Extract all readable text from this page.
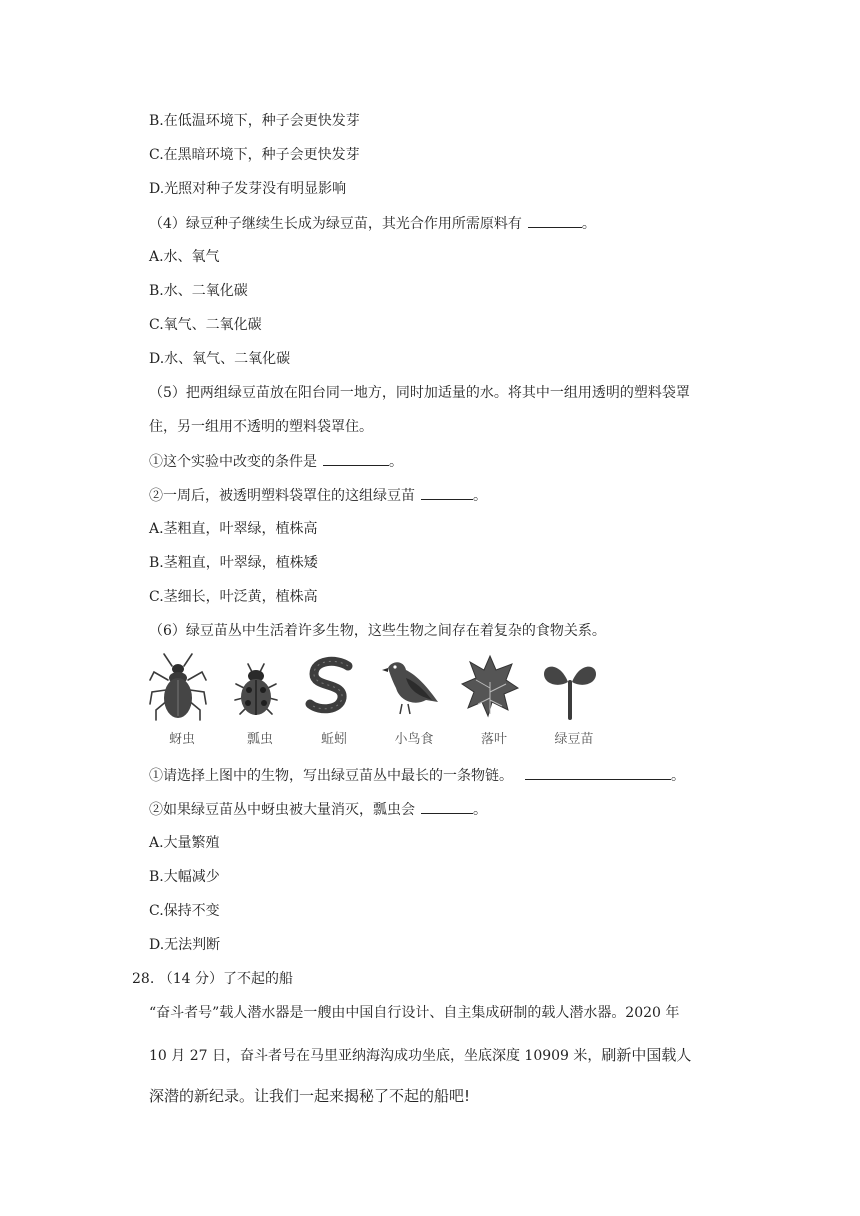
B.在低温环境下，种子会更快发芽
C.在黑暗环境下，种子会更快发芽
D.光照对种子发芽没有明显影响
（4）绿豆种子继续生长成为绿豆苗，其光合作用所需原料有	。
A.水、氧气
B.水、二氧化碳
C.氧气、二氧化碳
D.水、氧气、二氧化碳
（5）把两组绿豆苗放在阳台同一地方，同时加适量的水。将其中一组用透明的塑料袋罩
住，另一组用不透明的塑料袋罩住。
①这个实验中改变的条件是	。
②一周后，被透明塑料袋罩住的这组绿豆苗	。
A.茎粗直，叶翠绿，植株高
B.茎粗直，叶翠绿，植株矮
C.茎细长，叶泛黄，植株高
（6）绿豆苗丛中生活着许多生物，这些生物之间存在着复杂的食物关系。
蚜虫	瓢虫	蚯蚓	小鸟食	落叶	绿豆苗
①请选择上图中的生物，写出绿豆苗丛中最长的一条物链。	。
②如果绿豆苗丛中蚜虫被大量消灭，瓢虫会	。
A.大量繁殖
B.大幅减少
C.保持不变
D.无法判断
28. （14 分）了不起的船
“奋斗者号”载人潜水器是一艘由中国自行设计、自主集成研制的载人潜水器。2020 年
10 月 27 日，奋斗者号在马里亚纳海沟成功坐底，坐底深度 10909 米，刷新中国载人
深潜的新纪录。让我们一起来揭秘了不起的船吧!
